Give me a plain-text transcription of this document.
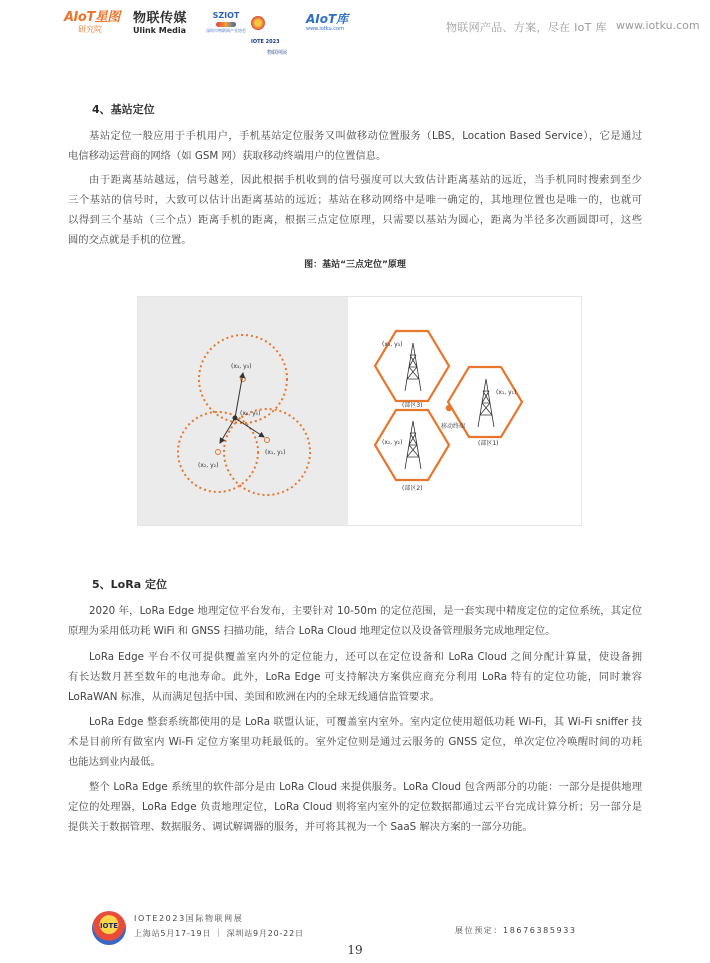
AIoT星图
研究院
物联传媒
Ulink Media
SZIOT
深圳市物联网产业协会
IOTE 2023
物联网展
AIoT库
www.iotku.com	物联网产品、方案，尽在 IoT 库 www.iotku.com
4、基站定位
基站定位一般应用于手机用户，手机基站定位服务又叫做移动位置服务（LBS，Location Based Service），它是通过
电信移动运营商的网络（如 GSM 网）获取移动终端用户的位置信息。
由于距离基站越远，信号越差，因此根据手机收到的信号强度可以大致估计距离基站的远近，当手机同时搜索到至少
三个基站的信号时，大致可以估计出距离基站的远近；基站在移动网络中是唯一确定的，其地理位置也是唯一的，也就可
以得到三个基站（三个点）距离手机的距离，根据三点定位原理，只需要以基站为圆心，距离为半径多次画圆即可，这些
圆的交点就是手机的位置。
图：基站“三点定位”原理
(x₃, y₃)
(x₀, y₀)
(x₂, y₂)
(x₁, y₁)
(x₃, y₃)
(部区3)
(x₁, y₁)
(部区1)
(x₂, y₂)
(部区2)
移动终端
5、LoRa 定位
2020 年，LoRa Edge 地理定位平台发布，主要针对 10-50m 的定位范围，是一套实现中精度定位的定位系统，其定位
原理为采用低功耗 WiFi 和 GNSS 扫描功能，结合 LoRa Cloud 地理定位以及设备管理服务完成地理定位。
LoRa Edge 平台不仅可提供覆盖室内外的定位能力，还可以在定位设备和 LoRa Cloud 之间分配计算量，使设备拥
有长达数月甚至数年的电池寿命。此外，LoRa Edge 可支持解决方案供应商充分利用 LoRa 特有的定位功能，同时兼容
LoRaWAN 标准，从而满足包括中国、美国和欧洲在内的全球无线通信监管要求。
LoRa Edge 整套系统都使用的是 LoRa 联盟认证，可覆盖室内室外。室内定位使用超低功耗 Wi-Fi，其 Wi-Fi sniffer 技
术是目前所有做室内 Wi-Fi 定位方案里功耗最低的。室外定位则是通过云服务的 GNSS 定位，单次定位冷唤醒时间的功耗
也能达到业内最低。
整个 LoRa Edge 系统里的软件部分是由 LoRa Cloud 来提供服务。LoRa Cloud 包含两部分的功能：一部分是提供地理
定位的处理器，LoRa Edge 负责地理定位，LoRa Cloud 则将室内室外的定位数据都通过云平台完成计算分析；另一部分是
提供关于数据管理、数据服务、调试解调器的服务，并可将其视为一个 SaaS 解决方案的一部分功能。
IOTE
IOTE2023国际物联网展
上海站5月17-19日 ｜ 深圳站9月20-22日	展位预定：18676385933
19
